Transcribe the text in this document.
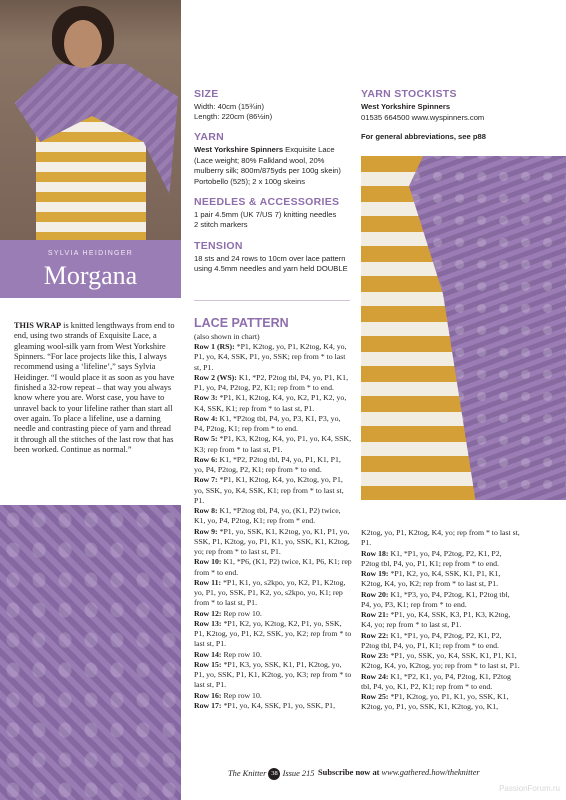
SYLVIA HEIDINGER
Morgana
SIZE
Width: 40cm (15¾in)
Length: 220cm (86½in)
YARN
West Yorkshire Spinners Exquisite Lace
(Lace weight; 80% Falkland wool, 20%
mulberry silk; 800m/875yds per 100g skein)
Portobello (525); 2 x 100g skeins
NEEDLES & ACCESSORIES
1 pair 4.5mm (UK 7/US 7) knitting needles
2 stitch markers
TENSION
18 sts and 24 rows to 10cm over lace pattern
using 4.5mm needles and yarn held DOUBLE
YARN STOCKISTS
West Yorkshire Spinners
01535 664500 www.wyspinners.com
For general abbreviations, see p88
THIS WRAP is knitted lengthways from end to end, using two strands of Exquisite Lace, a gleaming wool-silk yarn from West Yorkshire Spinners. “For lace projects like this, I always recommend using a ‘lifeline’,” says Sylvia Heidinger. “I would place it as soon as you have finished a 32-row repeat – that way you always know where you are. Worst case, you have to unravel back to your lifeline rather than start all over again. To place a lifeline, use a darning needle and contrasting piece of yarn and thread it through all the stitches of the last row that has been worked. Continue as normal.”
LACE PATTERN
(also shown in chart)
Row 1 (RS): *P1, K2tog, yo, P1, K2tog, K4, yo, P1, yo, K4, SSK, P1, yo, SSK; rep from * to last st, P1.
Row 2 (WS): K1, *P2, P2tog tbl, P4, yo, P1, K1, P1, yo, P4, P2tog, P2, K1; rep from * to end.
Row 3: *P1, K1, K2tog, K4, yo, K2, P1, K2, yo, K4, SSK, K1; rep from * to last st, P1.
Row 4: K1, *P2tog tbl, P4, yo, P3, K1, P3, yo, P4, P2tog, K1; rep from * to end.
Row 5: *P1, K3, K2tog, K4, yo, P1, yo, K4, SSK, K3; rep from * to last st, P1.
Row 6: K1, *P2, P2tog tbl, P4, yo, P1, K1, P1, yo, P4, P2tog, P2, K1; rep from * to end.
Row 7: *P1, K1, K2tog, K4, yo, K2tog, yo, P1, yo, SSK, yo, K4, SSK, K1; rep from * to last st, P1.
Row 8: K1, *P2tog tbl, P4, yo, (K1, P2) twice, K1, yo, P4, P2tog, K1; rep from * end.
Row 9: *P1, yo, SSK, K1, K2tog, yo, K1, P1, yo, SSK, P1, K2tog, yo, P1, K1, yo, SSK, K1, K2tog, yo; rep from * to last st, P1.
Row 10: K1, *P6, (K1, P2) twice, K1, P6, K1; rep from * to end.
Row 11: *P1, K1, yo, s2kpo, yo, K2, P1, K2tog, yo, P1, yo, SSK, P1, K2, yo, s2kpo, yo, K1; rep from * to last st, P1.
Row 12: Rep row 10.
Row 13: *P1, K2, yo, K2tog, K2, P1, yo, SSK, P1, K2tog, yo, P1, K2, SSK, yo, K2; rep from * to last st, P1.
Row 14: Rep row 10.
Row 15: *P1, K3, yo, SSK, K1, P1, K2tog, yo, P1, yo, SSK, P1, K1, K2tog, yo, K3; rep from * to last st, P1.
Row 16: Rep row 10.
Row 17: *P1, yo, K4, SSK, P1, yo, SSK, P1,
K2tog, yo, P1, K2tog, K4, yo; rep from * to last st, P1.
Row 18: K1, *P1, yo, P4, P2tog, P2, K1, P2, P2tog tbl, P4, yo, P1, K1; rep from * to end.
Row 19: *P1, K2, yo, K4, SSK, K1, P1, K1, K2tog, K4, yo, K2; rep from * to last st, P1.
Row 20: K1, *P3, yo, P4, P2tog, K1, P2tog tbl, P4, yo, P3, K1; rep from * to end.
Row 21: *P1, yo, K4, SSK, K3, P1, K3, K2tog, K4, yo; rep from * to last st, P1.
Row 22: K1, *P1, yo, P4, P2tog, P2, K1, P2, P2tog tbl, P4, yo, P1, K1; rep from * to end.
Row 23: *P1, yo, SSK, yo, K4, SSK, K1, P1, K1, K2tog, K4, yo, K2tog, yo; rep from * to last st, P1.
Row 24: K1, *P2, K1, yo, P4, P2tog, K1, P2tog tbl, P4, yo, K1, P2, K1; rep from * to end.
Row 25: *P1, K2tog, yo, P1, K1, yo, SSK, K1, K2tog, yo, P1, yo, SSK, K1, K2tog, yo, K1,
The Knitter 38 Issue 215 Subscribe now at www.gathered.how/theknitter
PassionForum.ru
